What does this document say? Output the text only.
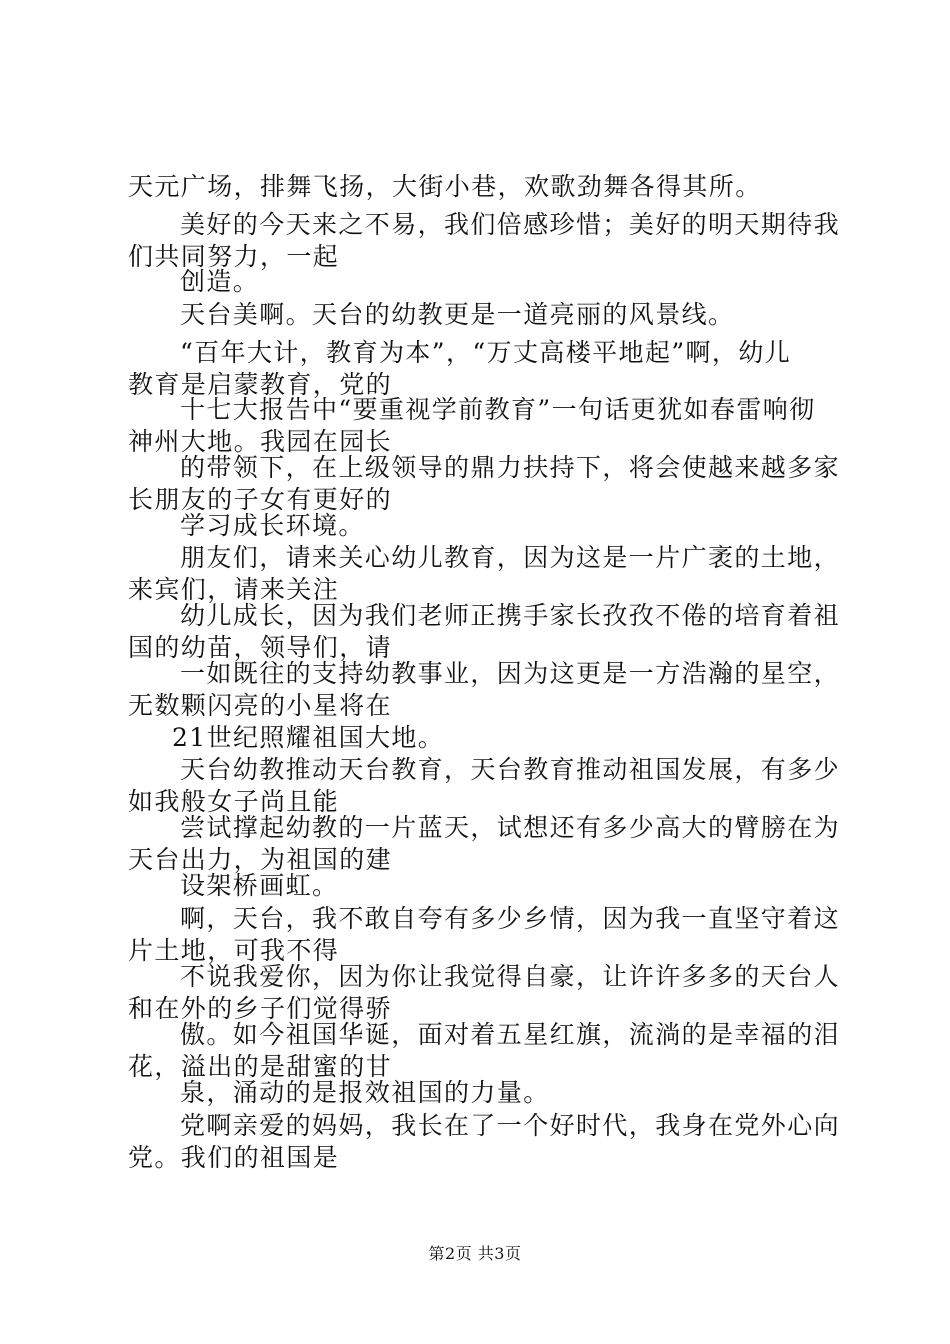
天元广场，排舞飞扬，大街小巷，欢歌劲舞各得其所。
美好的今天来之不易，我们倍感珍惜；美好的明天期待我
们共同努力，一起
创造。
天台美啊。天台的幼教更是一道亮丽的风景线。
“百年大计，教育为本”，“万丈高楼平地起”啊，幼儿
教育是启蒙教育，党的
十七大报告中“要重视学前教育”一句话更犹如春雷响彻
神州大地。我园在园长
的带领下，在上级领导的鼎力扶持下，将会使越来越多家
长朋友的子女有更好的
学习成长环境。
朋友们，请来关心幼儿教育，因为这是一片广袤的土地，
来宾们，请来关注
幼儿成长，因为我们老师正携手家长孜孜不倦的培育着祖
国的幼苗，领导们，请
一如既往的支持幼教事业，因为这更是一方浩瀚的星空，
无数颗闪亮的小星将在
21世纪照耀祖国大地。
天台幼教推动天台教育，天台教育推动祖国发展，有多少
如我般女子尚且能
尝试撑起幼教的一片蓝天，试想还有多少高大的臂膀在为
天台出力，为祖国的建
设架桥画虹。
啊，天台，我不敢自夸有多少乡情，因为我一直坚守着这
片土地，可我不得
不说我爱你，因为你让我觉得自豪，让许许多多的天台人
和在外的乡子们觉得骄
傲。如今祖国华诞，面对着五星红旗，流淌的是幸福的泪
花，溢出的是甜蜜的甘
泉，涌动的是报效祖国的力量。
党啊亲爱的妈妈，我长在了一个好时代，我身在党外心向
党。我们的祖国是
第2页 共3页
